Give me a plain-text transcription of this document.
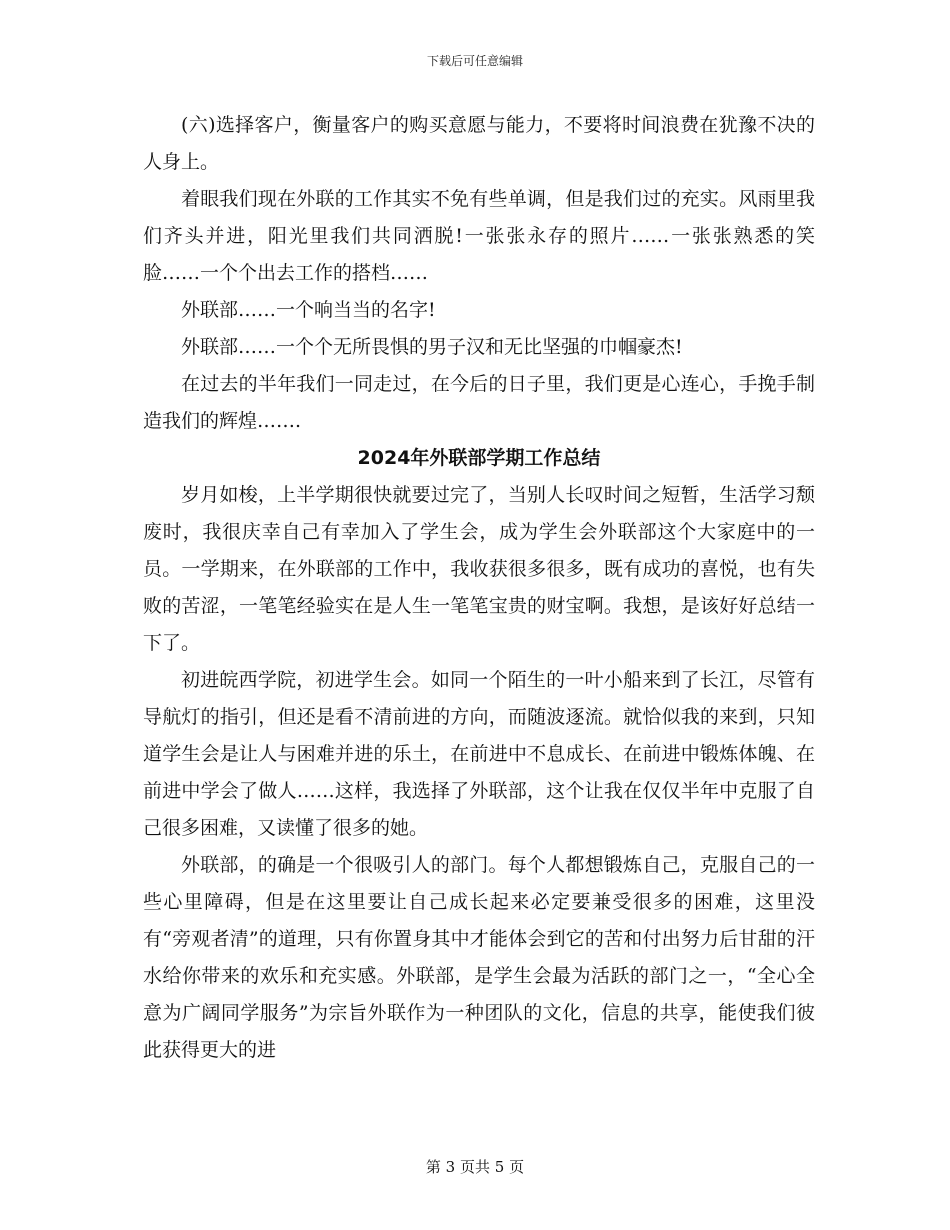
下载后可任意编辑

(六)选择客户，衡量客户的购买意愿与能力，不要将时间浪费在犹豫不决的人身上。

着眼我们现在外联的工作其实不免有些单调，但是我们过的充实。风雨里我们齐头并进，阳光里我们共同洒脱!一张张永存的照片……一张张熟悉的笑脸……一个个出去工作的搭档……

外联部……一个响当当的名字!

外联部……一个个无所畏惧的男子汉和无比坚强的巾帼豪杰!

在过去的半年我们一同走过，在今后的日子里，我们更是心连心，手挽手制造我们的辉煌…….

2024年外联部学期工作总结

岁月如梭，上半学期很快就要过完了，当别人长叹时间之短暂，生活学习颓废时，我很庆幸自己有幸加入了学生会，成为学生会外联部这个大家庭中的一员。一学期来，在外联部的工作中，我收获很多很多，既有成功的喜悦，也有失败的苦涩，一笔笔经验实在是人生一笔笔宝贵的财宝啊。我想，是该好好总结一下了。

初进皖西学院，初进学生会。如同一个陌生的一叶小船来到了长江，尽管有导航灯的指引，但还是看不清前进的方向，而随波逐流。就恰似我的来到，只知道学生会是让人与困难并进的乐土，在前进中不息成长、在前进中锻炼体魄、在前进中学会了做人……这样，我选择了外联部，这个让我在仅仅半年中克服了自己很多困难，又读懂了很多的她。

外联部，的确是一个很吸引人的部门。每个人都想锻炼自己，克服自己的一些心里障碍，但是在这里要让自己成长起来必定要兼受很多的困难，这里没有“旁观者清”的道理，只有你置身其中才能体会到它的苦和付出努力后甘甜的汗水给你带来的欢乐和充实感。外联部，是学生会最为活跃的部门之一，“全心全意为广阔同学服务”为宗旨外联作为一种团队的文化，信息的共享，能使我们彼此获得更大的进

第 3 页共 5 页
